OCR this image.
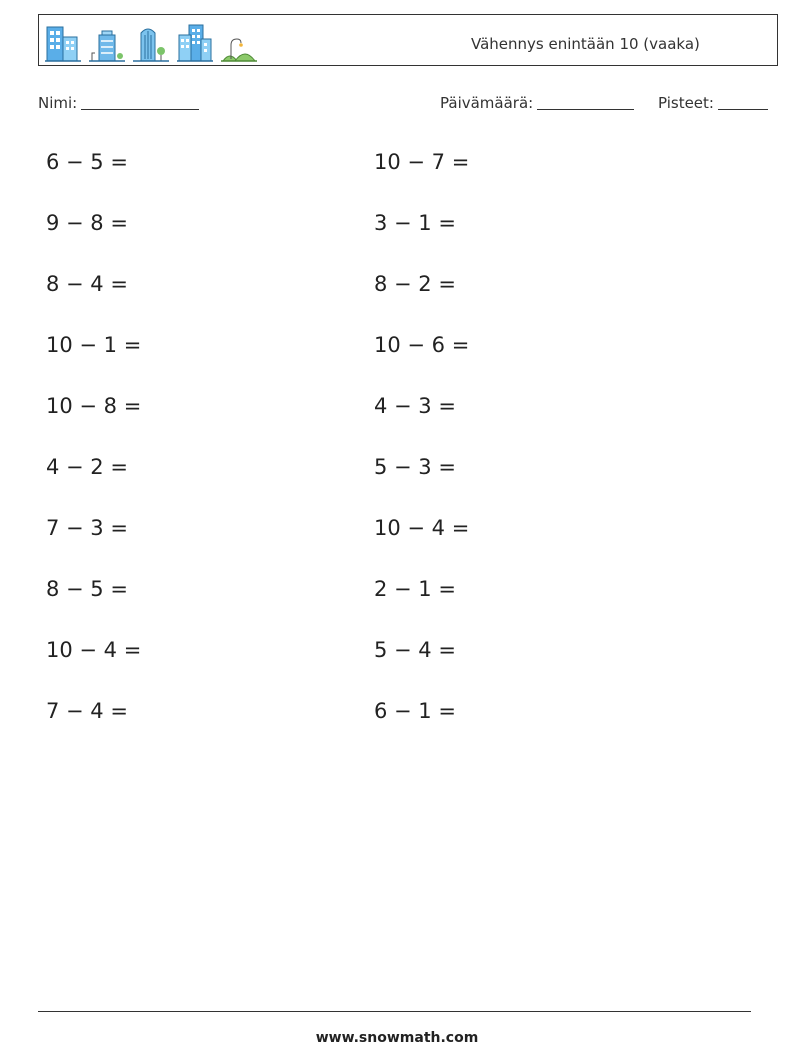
Vähennys enintään 10 (vaaka)
Nimi:	Päivämäärä:	Pisteet:
6 − 5 =
9 − 8 =
8 − 4 =
10 − 1 =
10 − 8 =
4 − 2 =
7 − 3 =
8 − 5 =
10 − 4 =
7 − 4 =
10 − 7 =
3 − 1 =
8 − 2 =
10 − 6 =
4 − 3 =
5 − 3 =
10 − 4 =
2 − 1 =
5 − 4 =
6 − 1 =
www.snowmath.com
